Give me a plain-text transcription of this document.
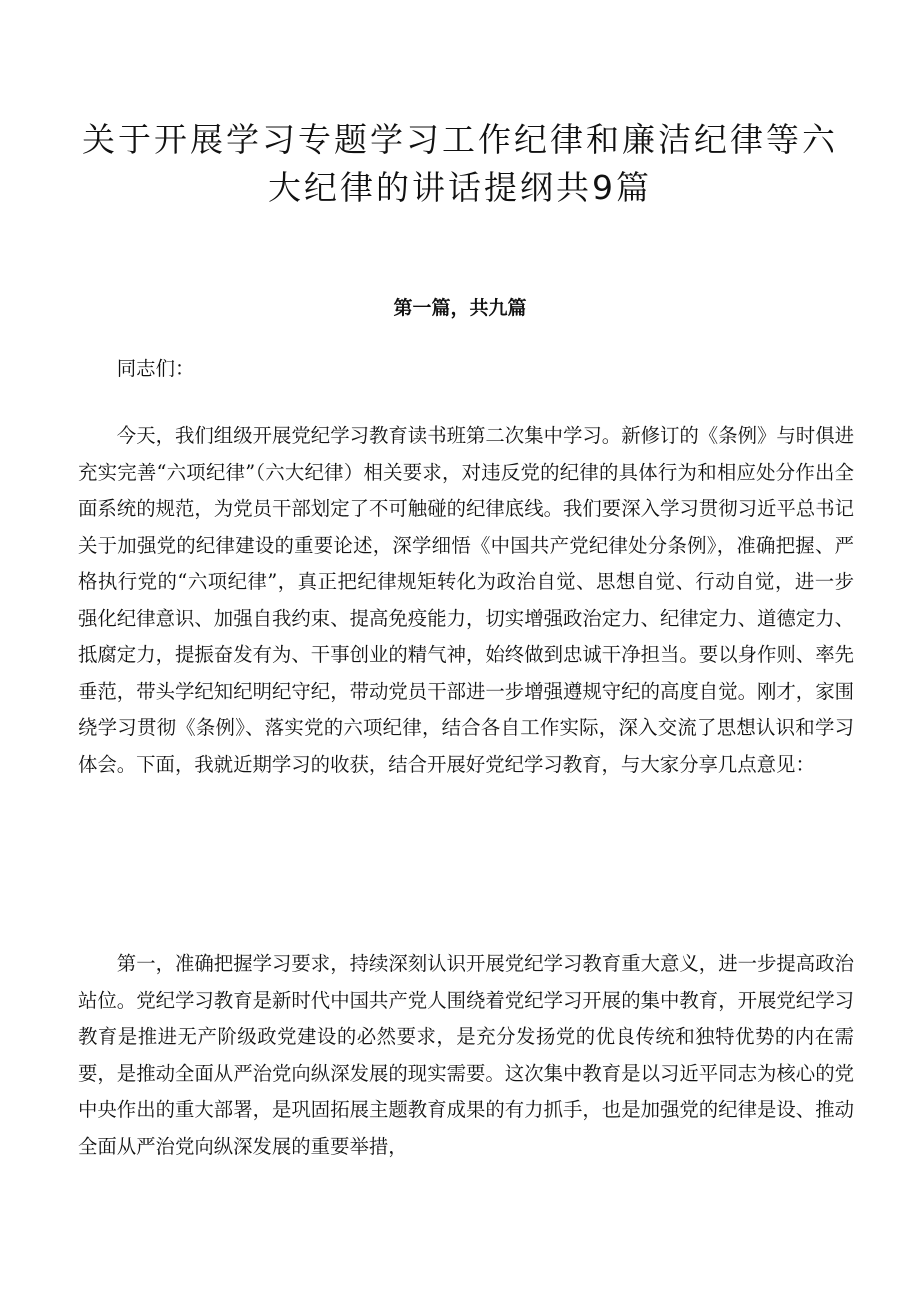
关于开展学习专题学习工作纪律和廉洁纪律等六大纪律的讲话提纲共9篇
第一篇，共九篇

同志们：

今天，我们组级开展党纪学习教育读书班第二次集中学习。新修订的《条例》与时俱进充实完善“六项纪律”（六大纪律）相关要求，对违反党的纪律的具体行为和相应处分作出全面系统的规范，为党员干部划定了不可触碰的纪律底线。我们要深入学习贯彻习近平总书记关于加强党的纪律建设的重要论述，深学细悟《中国共产党纪律处分条例》，准确把握、严格执行党的“六项纪律”，真正把纪律规矩转化为政治自觉、思想自觉、行动自觉，进一步强化纪律意识、加强自我约束、提高免疫能力，切实增强政治定力、纪律定力、道德定力、抵腐定力，提振奋发有为、干事创业的精气神，始终做到忠诚干净担当。要以身作则、率先垂范，带头学纪知纪明纪守纪，带动党员干部进一步增强遵规守纪的高度自觉。刚才，家围绕学习贯彻《条例》、落实党的六项纪律，结合各自工作实际，深入交流了思想认识和学习体会。下面，我就近期学习的收获，结合开展好党纪学习教育，与大家分享几点意见：

第一，准确把握学习要求，持续深刻认识开展党纪学习教育重大意义，进一步提高政治站位。党纪学习教育是新时代中国共产党人围绕着党纪学习开展的集中教育，开展党纪学习教育是推进无产阶级政党建设的必然要求，是充分发扬党的优良传统和独特优势的内在需要，是推动全面从严治党向纵深发展的现实需要。这次集中教育是以习近平同志为核心的党中央作出的重大部署，是巩固拓展主题教育成果的有力抓手，也是加强党的纪律是设、推动全面从严治党向纵深发展的重要举措，
